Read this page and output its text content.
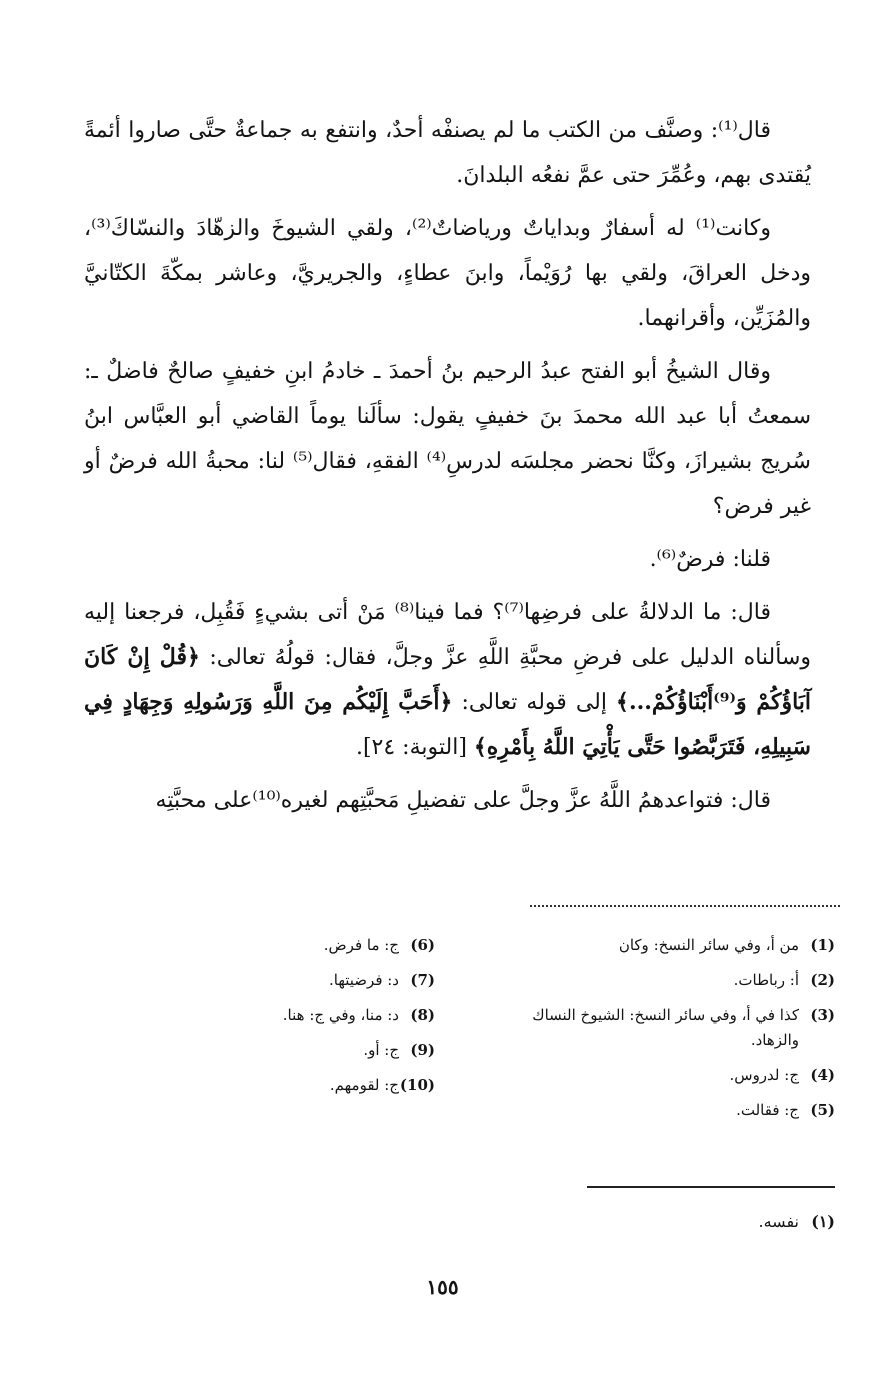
قال⁽¹⁾: وصنَّف من الكتب ما لم يصنفْه أحدٌ، وانتفع به جماعةٌ حتَّى صاروا أئمةً يُقتدى بهم، وعُمِّرَ حتى عمَّ نفعُه البلدانَ.

وكانت⁽¹⁾ له أسفارٌ وبداياتٌ ورياضاتٌ⁽²⁾، ولقي الشيوخَ والزهّادَ والنسّاكَ⁽³⁾، ودخل العراقَ، ولقي بها رُوَيْماً، وابنَ عطاءٍ، والجريريَّ، وعاشر بمكّةَ الكتّانيَّ والمُزَيِّن، وأقرانهما.

وقال الشيخُ أبو الفتح عبدُ الرحيم بنُ أحمدَ ـ خادمُ ابنِ خفيفٍ صالحٌ فاضلٌ ـ: سمعتُ أبا عبد الله محمدَ بنَ خفيفٍ يقول: سألَنا يوماً القاضي أبو العبَّاس ابنُ سُريج بشيرازَ، وكنَّا نحضر مجلسَه لدرسِ⁽⁴⁾ الفقهِ، فقال⁽⁵⁾ لنا: محبةُ الله فرضٌ أو غير فرض؟

قلنا: فرضٌ⁽⁶⁾.

قال: ما الدلالةُ على فرضِها⁽⁷⁾؟ فما فينا⁽⁸⁾ مَنْ أتى بشيءٍ فَقُبِل، فرجعنا إليه وسألناه الدليل على فرضِ محبَّةِ اللَّهِ عزَّ وجلَّ، فقال: قولُهُ تعالى: ﴿قُلْ إِنْ كَانَ آبَاؤُكُمْ وَ⁽⁹⁾أَبْنَاؤُكُمْ...﴾ إلى قوله تعالى: ﴿أَحَبَّ إِلَيْكُم مِنَ اللَّهِ وَرَسُولِهِ وَجِهَادٍ فِي سَبِيلِهِ، فَتَرَبَّصُوا حَتَّى يَأْتِيَ اللَّهُ بِأَمْرِهِ﴾ [التوبة: ٢٤].

قال: فتواعدهمُ اللَّهُ عزَّ وجلَّ على تفضيلِ مَحبَّتِهم لغيره⁽¹⁰⁾على محبَّتِه

(1)
من أ، وفي سائر النسخ: وكان
(2)
أ: رباطات.
(3)
كذا في أ، وفي سائر النسخ: الشيوخ النساك والزهاد.
(4)
ج: لدروس.
(5)
ج: فقالت.
(6)
ج: ما فرض.
(7)
د: فرضيتها.
(8)
د: منا، وفي ج: هنا.
(9)
ج: أو.
(10)
ج: لقومهم.
(١)
نفسه.
١٥٥
